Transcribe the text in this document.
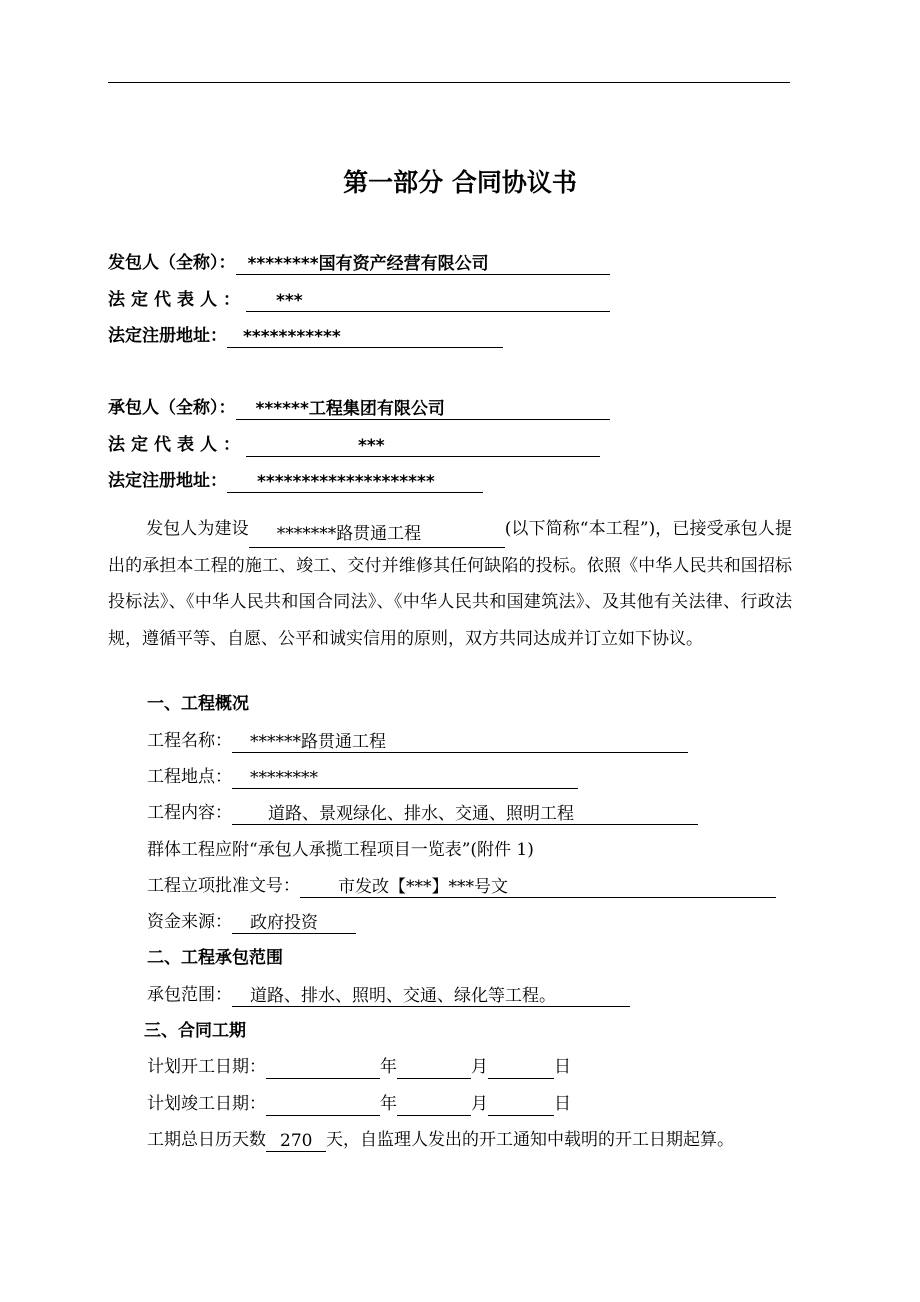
第一部分 合同协议书
发包人（全称）： ********国有资产经营有限公司
法定代表人： ***
法定注册地址： ***********
承包人（全称）： ******工程集团有限公司
法定代表人：	***
法定注册地址： ********************
发包人为建设 *******路贯通工程	(以下简称“本工程”)，已接受承包人提出的承担本工程的施工、竣工、交付并维修其任何缺陷的投标。依照《中华人民共和国招标投标法》、《中华人民共和国合同法》、《中华人民共和国建筑法》、及其他有关法律、行政法规，遵循平等、自愿、公平和诚实信用的原则，双方共同达成并订立如下协议。
一、工程概况
工程名称： ******路贯通工程
工程地点： ********
工程内容： 道路、景观绿化、排水、交通、照明工程
群体工程应附“承包人承揽工程项目一览表”(附件 1)
工程立项批准文号： 市发改【***】***号文
资金来源： 政府投资
二、工程承包范围
承包范围： 道路、排水、照明、交通、绿化等工程。
三、合同工期
计划开工日期：	年	月	日
计划竣工日期：	年	月	日
工期总日历天数 270 天，自监理人发出的开工通知中载明的开工日期起算。
